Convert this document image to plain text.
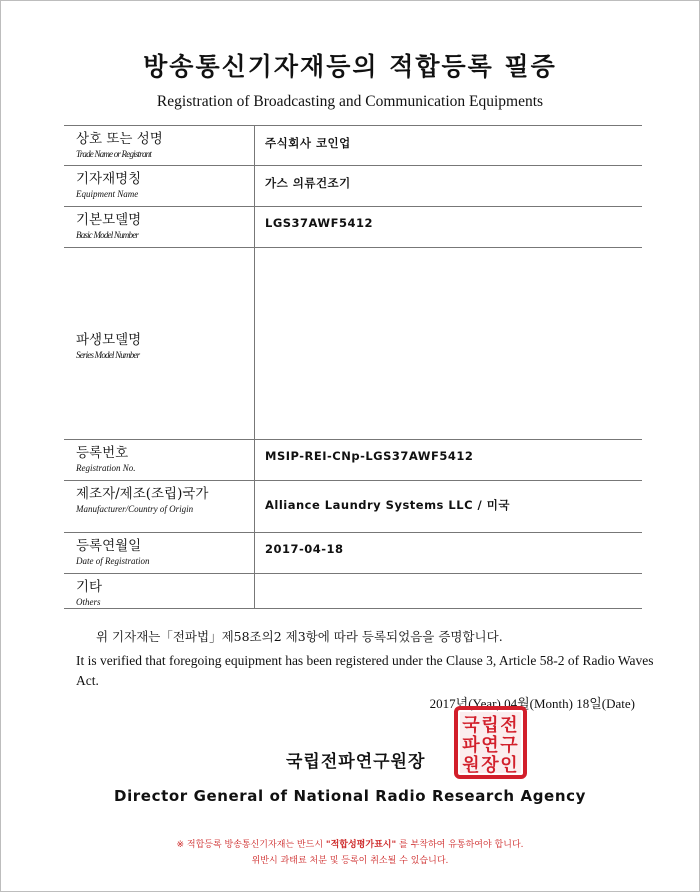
방송통신기자재등의 적합등록 필증
Registration of Broadcasting and Communication Equipments
상호 또는 성명
Trade Name or Registrant	주식회사 코인업

기자재명칭
Equipment Name	가스 의류건조기

기본모델명
Basic Model Number	LGS37AWF5412

파생모델명
Series Model Number	

등록번호
Registration No.	MSIP-REI-CNp-LGS37AWF5412

제조자/제조(조립)국가
Manufacturer/Country of Origin	Alliance Laundry Systems LLC / 미국

등록연월일
Date of Registration	2017-04-18

기타
Others	

위 기자재는「전파법」제58조의2 제3항에 따라 등록되었음을 증명합니다.
It is verified that foregoing equipment has been registered under the Clause 3, Article 58-2 of Radio Waves Act.
2017년(Year) 04월(Month) 18일(Date)
국립전파연구원장
전
구
인
립
연
장
국
파
원
Director General of National Radio Research Agency
※ 적합등록 방송통신기자재는 반드시 "적합성평가표시" 를 부착하여 유통하여야 합니다.
위반시 과태료 처분 및 등록이 취소될 수 있습니다.
